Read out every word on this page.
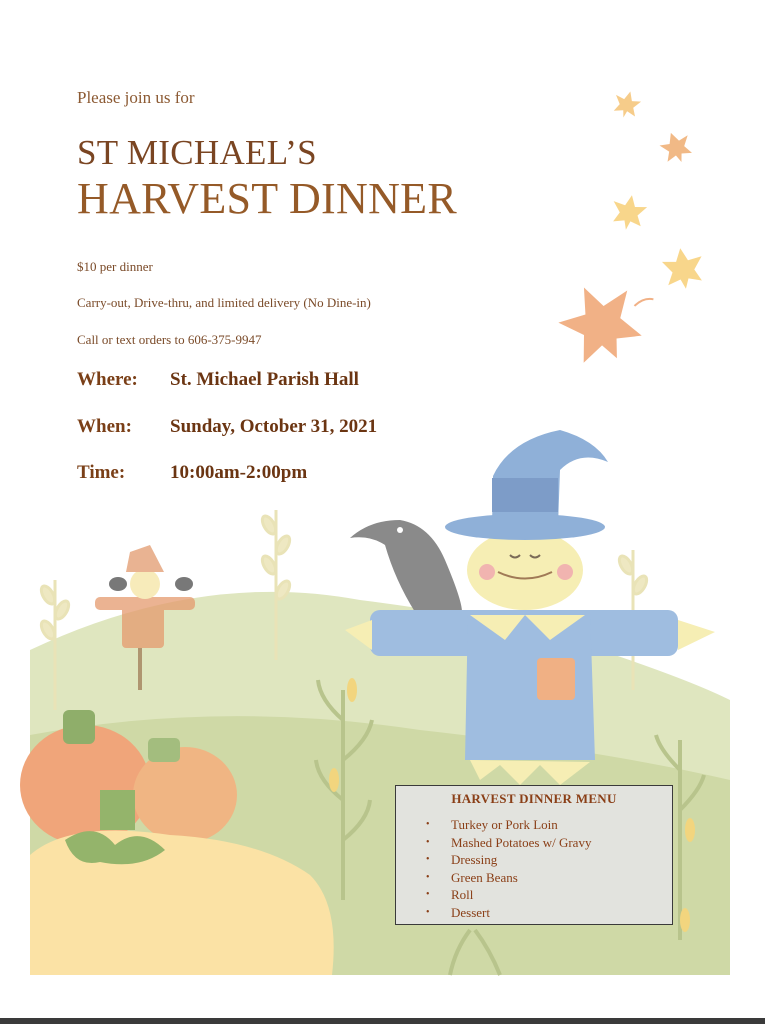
Please join us for
ST MICHAEL’S
HARVEST DINNER
$10 per dinner
Carry-out, Drive-thru, and limited delivery (No Dine-in)
Call or text orders to 606-375-9947
Where: St. Michael Parish Hall
When: Sunday, October 31, 2021
Time: 10:00am-2:00pm
HARVEST DINNER MENU
• Turkey or Pork Loin
• Mashed Potatoes w/ Gravy
• Dressing
• Green Beans
• Roll
• Dessert
